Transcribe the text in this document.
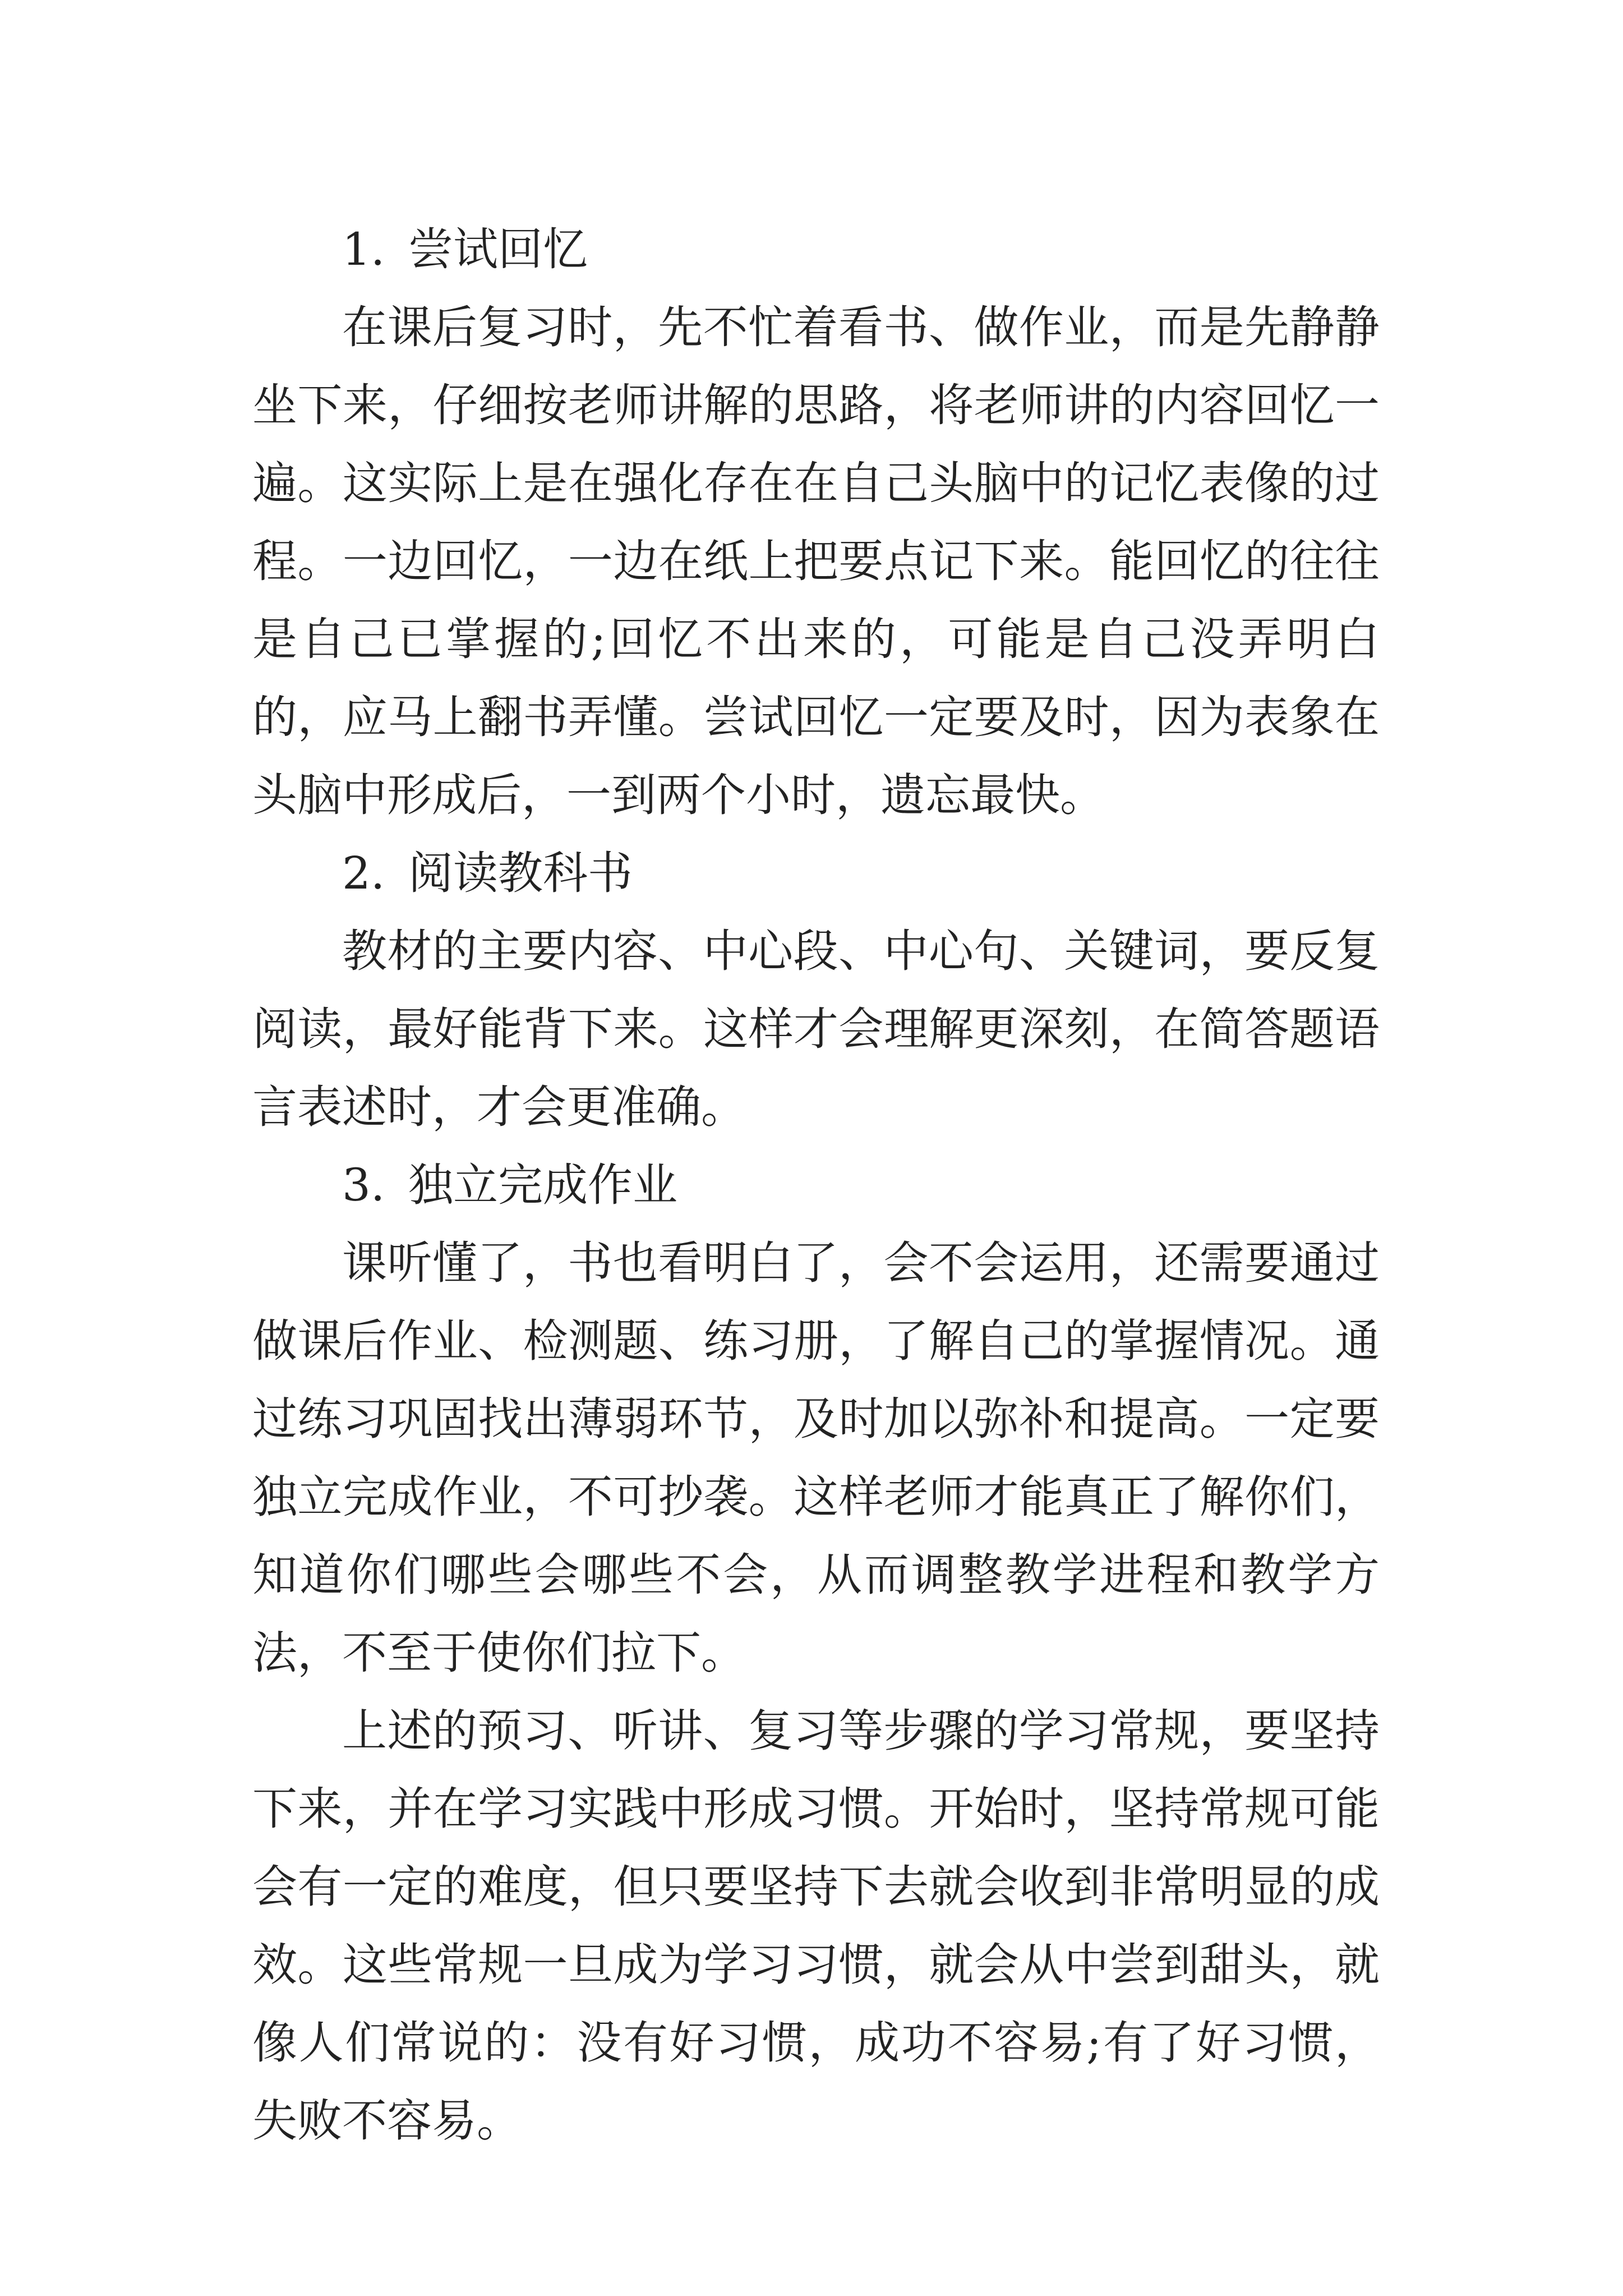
1. 尝试回忆

在课后复习时，先不忙着看书、做作业，而是先静静坐下来，仔细按老师讲解的思路，将老师讲的内容回忆一遍。这实际上是在强化存在在自己头脑中的记忆表像的过程。一边回忆，一边在纸上把要点记下来。能回忆的往往是自己已掌握的;回忆不出来的，可能是自己没弄明白的，应马上翻书弄懂。尝试回忆一定要及时，因为表象在头脑中形成后，一到两个小时，遗忘最快。

2. 阅读教科书

教材的主要内容、中心段、中心句、关键词，要反复阅读，最好能背下来。这样才会理解更深刻，在简答题语言表述时，才会更准确。

3. 独立完成作业

课听懂了，书也看明白了，会不会运用，还需要通过做课后作业、检测题、练习册，了解自己的掌握情况。通过练习巩固找出薄弱环节，及时加以弥补和提高。一定要独立完成作业，不可抄袭。这样老师才能真正了解你们，知道你们哪些会哪些不会，从而调整教学进程和教学方法，不至于使你们拉下。

上述的预习、听讲、复习等步骤的学习常规，要坚持下来，并在学习实践中形成习惯。开始时，坚持常规可能会有一定的难度，但只要坚持下去就会收到非常明显的成效。这些常规一旦成为学习习惯，就会从中尝到甜头，就像人们常说的：没有好习惯，成功不容易;有了好习惯，失败不容易。
